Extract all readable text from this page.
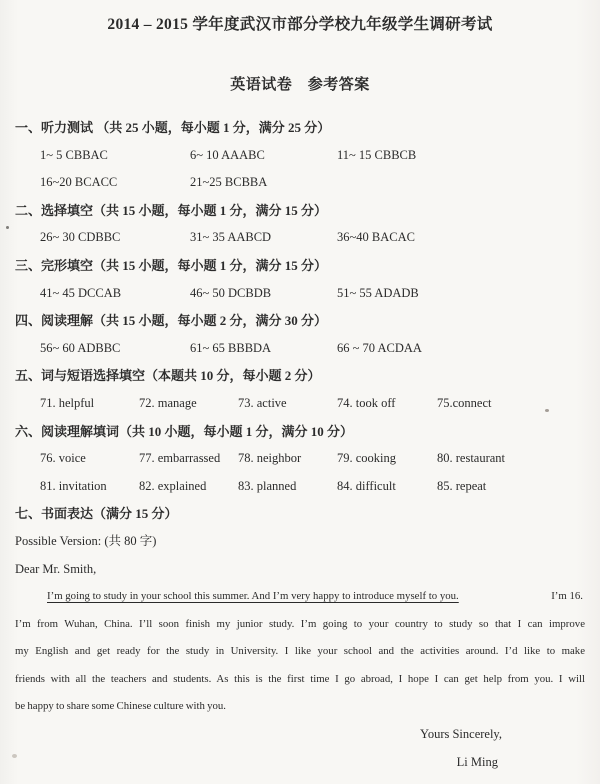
2014 – 2015 学年度武汉市部分学校九年级学生调研考试
英语试卷　参考答案
一、听力测试 （共 25 小题，每小题 1 分，满分 25 分）
1~ 5 CBBAC	6~ 10 AAABC	11~ 15 CBBCB
16~20 BCACC	21~25 BCBBA
二、选择填空（共 15 小题，每小题 1 分，满分 15 分）
26~ 30 CDBBC	31~ 35 AABCD	36~40 BACAC
三、完形填空（共 15 小题，每小题 1 分，满分 15 分）
41~ 45 DCCAB	46~ 50 DCBDB	51~ 55 ADADB
四、阅读理解（共 15 小题，每小题 2 分，满分 30 分）
56~ 60 ADBBC	61~ 65 BBBDA	66 ~ 70 ACDAA
五、词与短语选择填空（本题共 10 分，每小题 2 分）
71. helpful	72. manage	73. active	74. took off	75.connect
六、阅读理解填词（共 10 小题，每小题 1 分，满分 10 分）
76. voice	77. embarrassed	78. neighbor	79. cooking	80. restaurant
81. invitation	82. explained	83. planned	84. difficult	85. repeat
七、书面表达（满分 15 分）
Possible Version: (共 80 字)
Dear Mr. Smith,
I’m going to study in your school this summer. And I’m very happy to introduce myself to you.	I’m 16.
I’m from Wuhan, China. I’ll soon finish my junior study. I’m going to your country to study so that I can improve
my English and get ready for the study in University. I like your school and the activities around. I’d like to make
friends with all the teachers and students. As this is the first time I go abroad, I hope I can get help from you. I will
be happy to share some Chinese culture with you.
Yours Sincerely,
Li Ming
